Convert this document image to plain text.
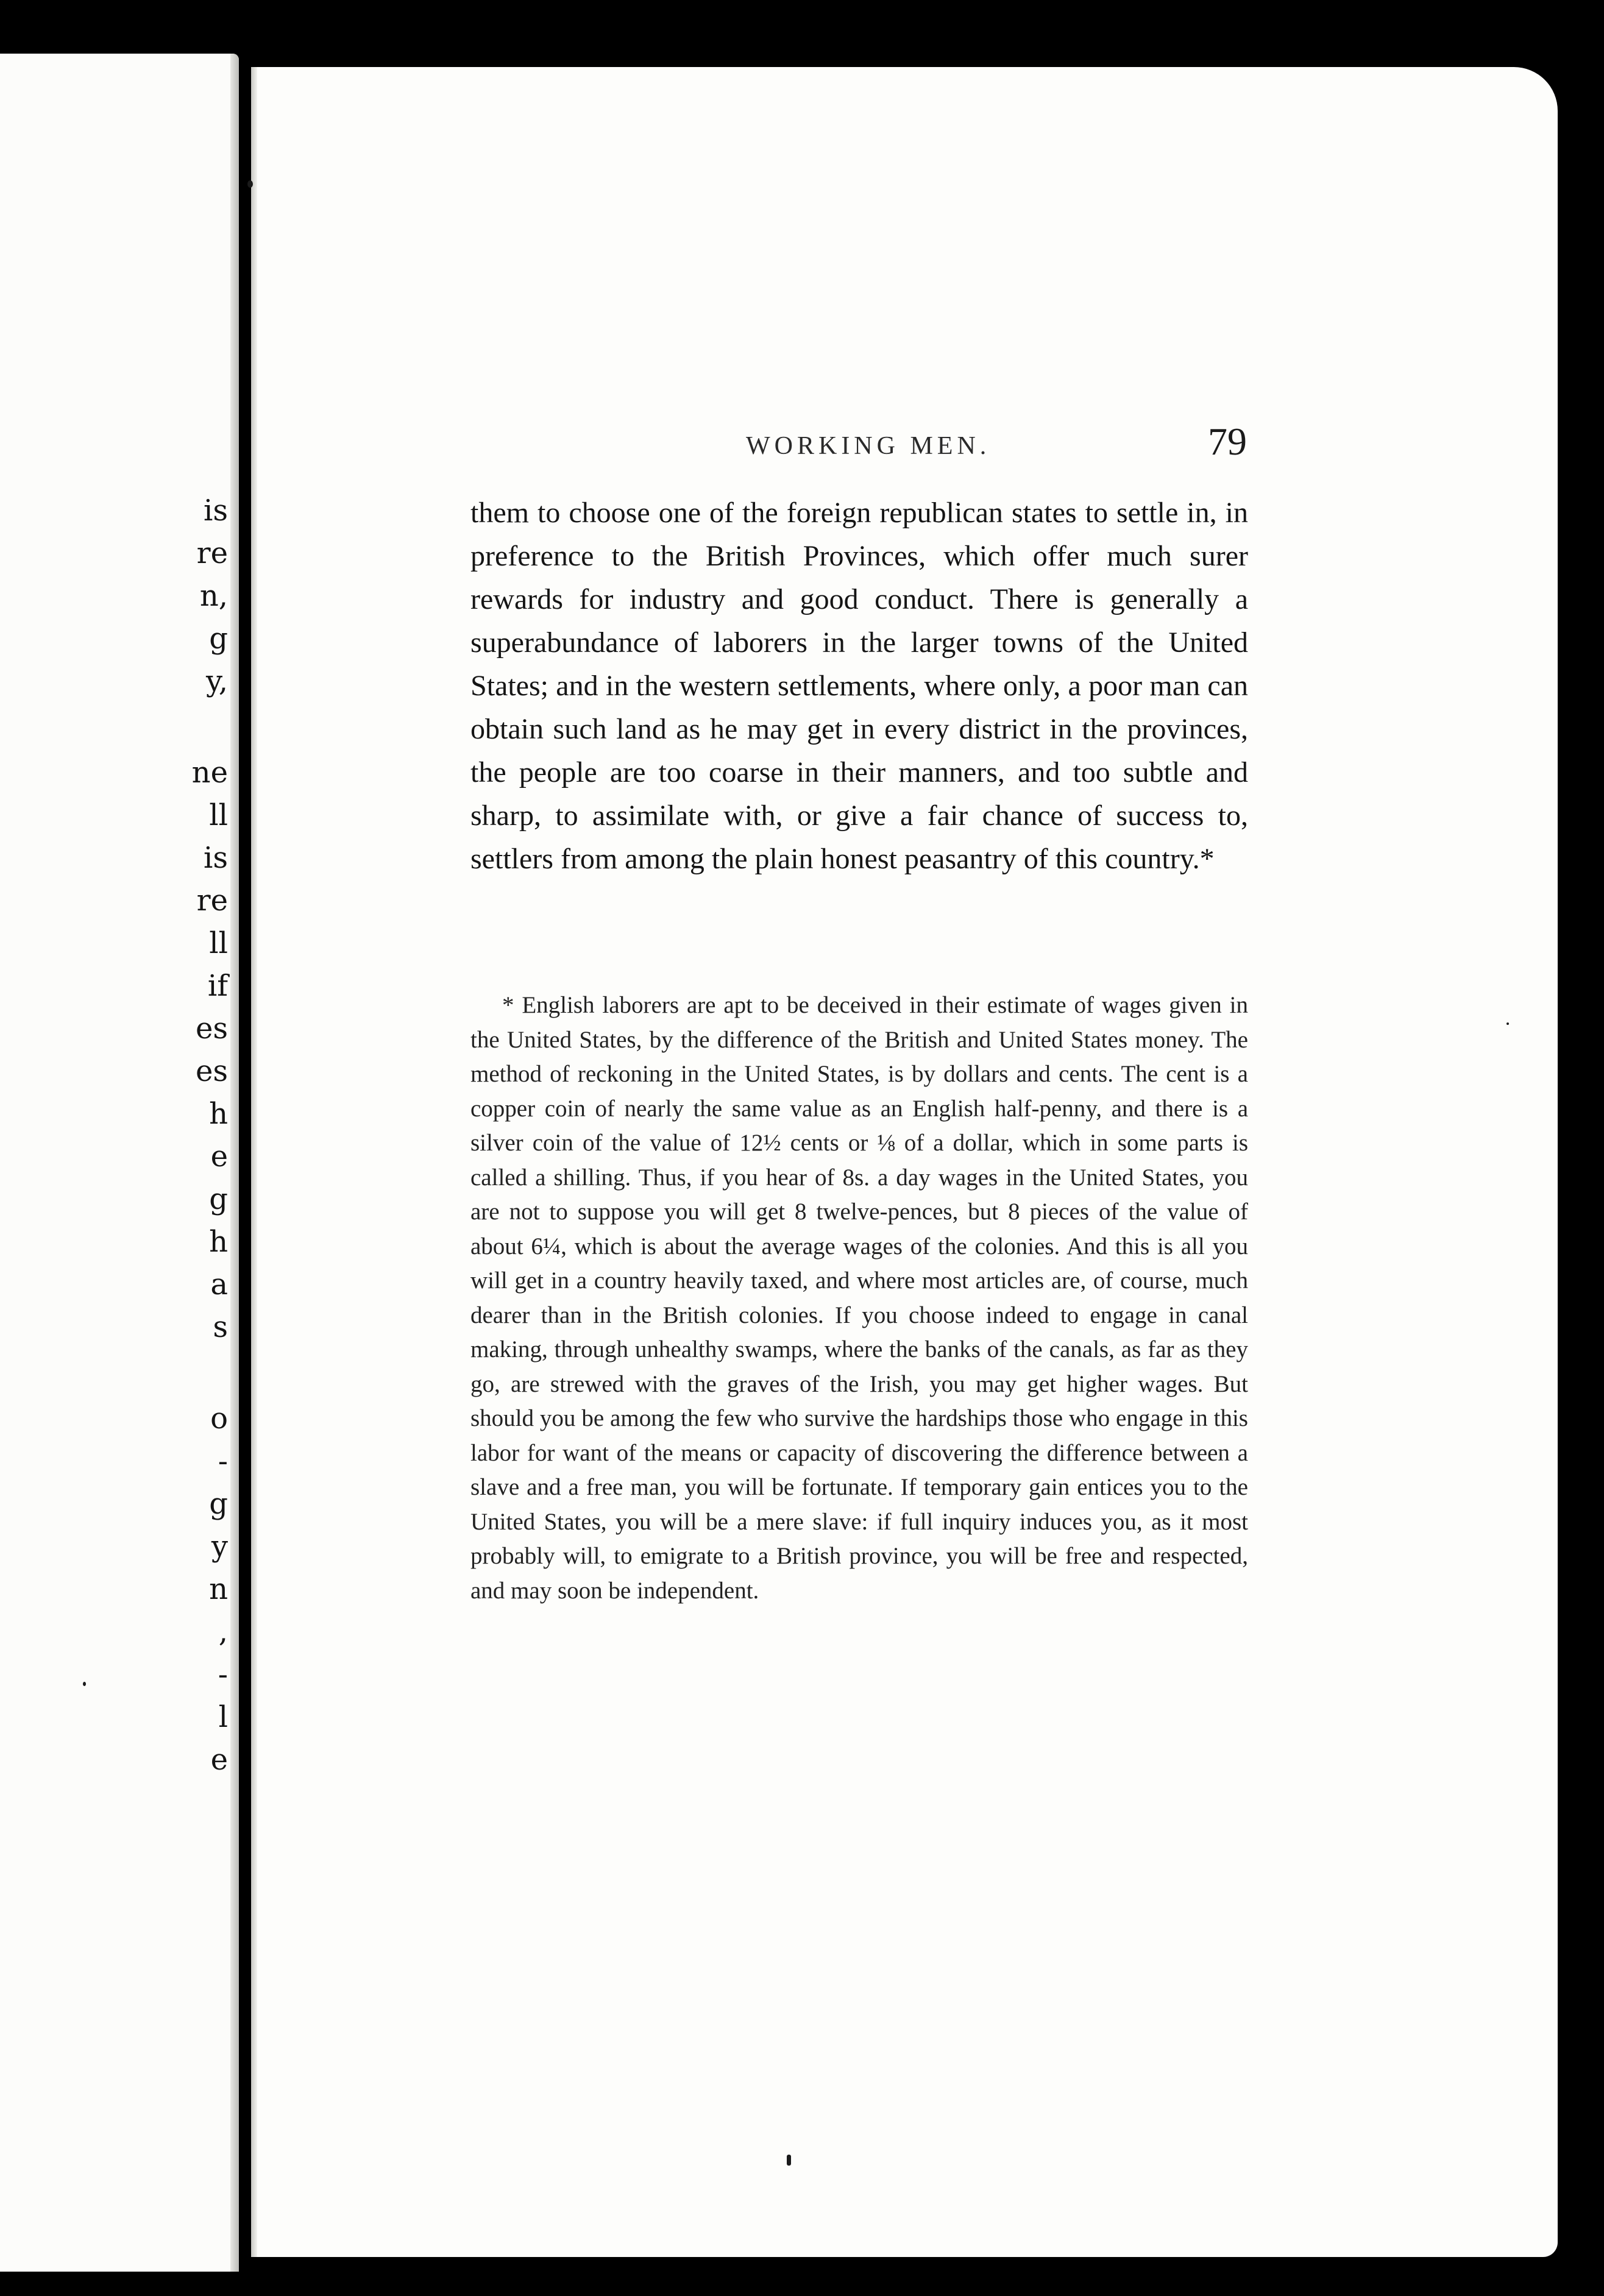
is
re
n,
g
y,
ne
ll
is
re
ll
if
es
es
h
e
g
h
a
s
o
-
g
y
n
,
-
l
e
WORKING MEN.	79

them to choose one of the foreign republican states to settle in, in preference to the British Provinces, which offer much surer rewards for industry and good conduct. There is generally a superabundance of laborers in the larger towns of the United States; and in the western settlements, where only, a poor man can obtain such land as he may get in every district in the provinces, the people are too coarse in their manners, and too subtle and sharp, to assimilate with, or give a fair chance of success to, settlers from among the plain honest peasantry of this country.*

* English laborers are apt to be deceived in their estimate of wages given in the United States, by the difference of the British and United States money. The method of reckoning in the United States, is by dollars and cents. The cent is a copper coin of nearly the same value as an English half-penny, and there is a silver coin of the value of 12½ cents or ⅛ of a dollar, which in some parts is called a shilling. Thus, if you hear of 8s. a day wages in the United States, you are not to suppose you will get 8 twelve-pences, but 8 pieces of the value of about 6¼, which is about the average wages of the colonies. And this is all you will get in a country heavily taxed, and where most articles are, of course, much dearer than in the British colonies. If you choose indeed to engage in canal making, through unhealthy swamps, where the banks of the canals, as far as they go, are strewed with the graves of the Irish, you may get higher wages. But should you be among the few who survive the hardships those who engage in this labor for want of the means or capacity of discovering the difference between a slave and a free man, you will be fortunate. If temporary gain entices you to the United States, you will be a mere slave: if full inquiry induces you, as it most probably will, to emigrate to a British province, you will be free and respected, and may soon be independent.
